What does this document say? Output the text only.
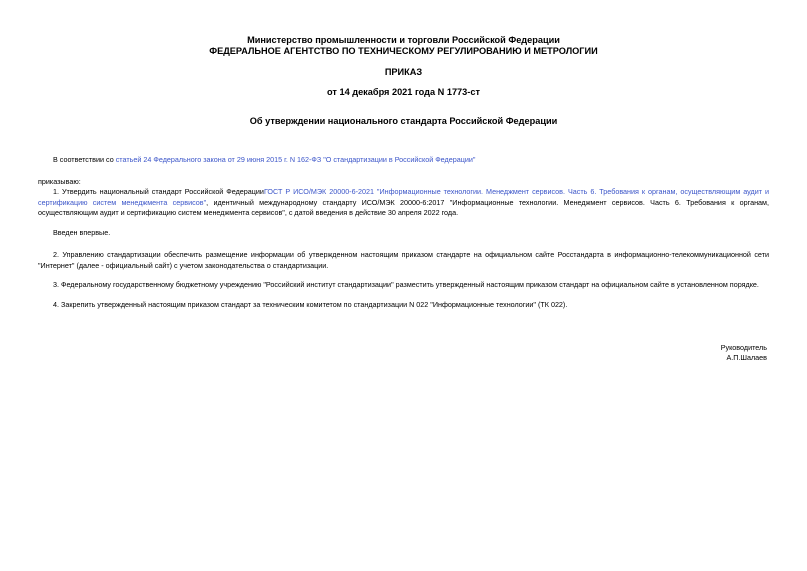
Министерство промышленности и торговли Российской Федерации
ФЕДЕРАЛЬНОЕ АГЕНТСТВО ПО ТЕХНИЧЕСКОМУ РЕГУЛИРОВАНИЮ И МЕТРОЛОГИИ
ПРИКАЗ
от 14 декабря 2021 года N 1773-ст
Об утверждении национального стандарта Российской Федерации
В соответствии со статьей 24 Федерального закона от 29 июня 2015 г. N 162-ФЗ "О стандартизации в Российской Федерации"
приказываю:
1. Утвердить национальный стандарт Российской ФедерацииГОСТ Р ИСО/МЭК 20000-6-2021 "Информационные технологии. Менеджмент сервисов. Часть 6. Требования к органам, осуществляющим аудит и сертификацию систем менеджмента сервисов", идентичный международному стандарту ИСО/МЭК 20000-6:2017 "Информационные технологии. Менеджмент сервисов. Часть 6. Требования к органам, осуществляющим аудит и сертификацию систем менеджмента сервисов", с датой введения в действие 30 апреля 2022 года.
Введен впервые.
2. Управлению стандартизации обеспечить размещение информации об утвержденном настоящим приказом стандарте на официальном сайте Росстандарта в информационно-телекоммуникационной сети "Интернет" (далее - официальный сайт) с учетом законодательства о стандартизации.
3. Федеральному государственному бюджетному учреждению "Российский институт стандартизации" разместить утвержденный настоящим приказом стандарт на официальном сайте в установленном порядке.
4. Закрепить утвержденный настоящим приказом стандарт за техническим комитетом по стандартизации N 022 "Информационные технологии" (ТК 022).
Руководитель
А.П.Шалаев
